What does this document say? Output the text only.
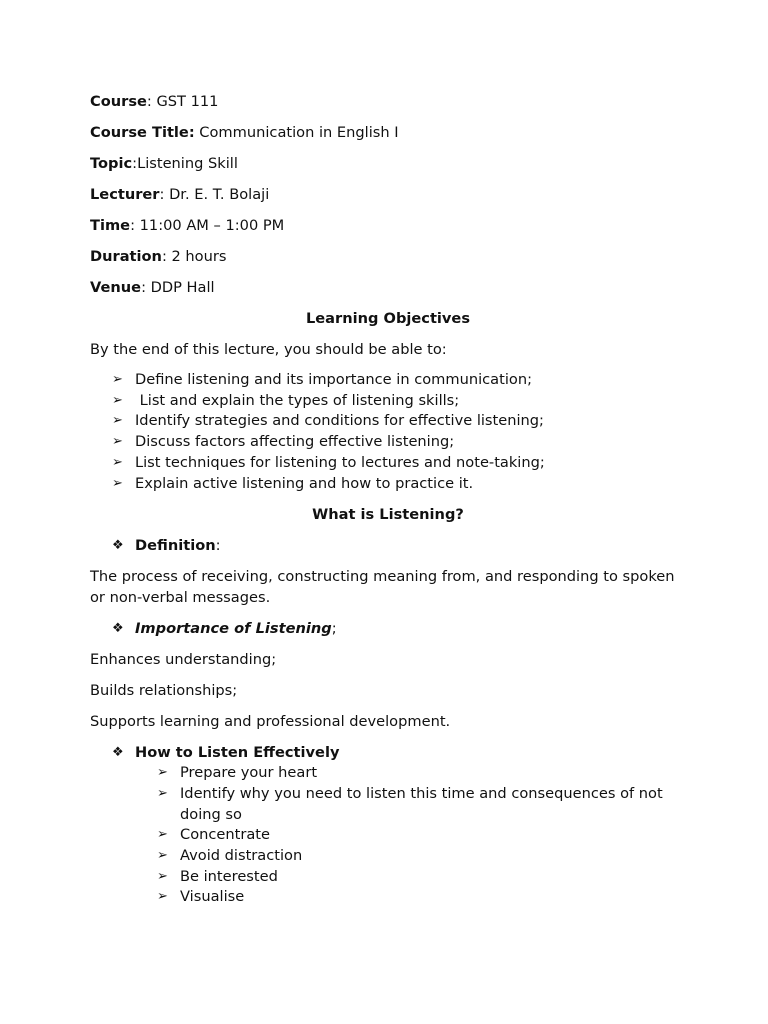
Course: GST 111
Course Title: Communication in English I
Topic:Listening Skill
Lecturer: Dr. E. T. Bolaji
Time: 11:00 AM – 1:00 PM
Duration: 2 hours
Venue: DDP Hall
Learning Objectives
By the end of this lecture, you should be able to:
➢ Define listening and its importance in communication;
➢ List and explain the types of listening skills;
➢ Identify strategies and conditions for effective listening;
➢ Discuss factors affecting effective listening;
➢ List techniques for listening to lectures and note-taking;
➢ Explain active listening and how to practice it.
What is Listening?
❖ Definition:
The process of receiving, constructing meaning from, and responding to spoken or non-verbal messages.
❖ Importance of Listening;
Enhances understanding;
Builds relationships;
Supports learning and professional development.
❖ How to Listen Effectively
➢ Prepare your heart
➢ Identify why you need to listen this time and consequences of not doing so
➢ Concentrate
➢ Avoid distraction
➢ Be interested
➢ Visualise
